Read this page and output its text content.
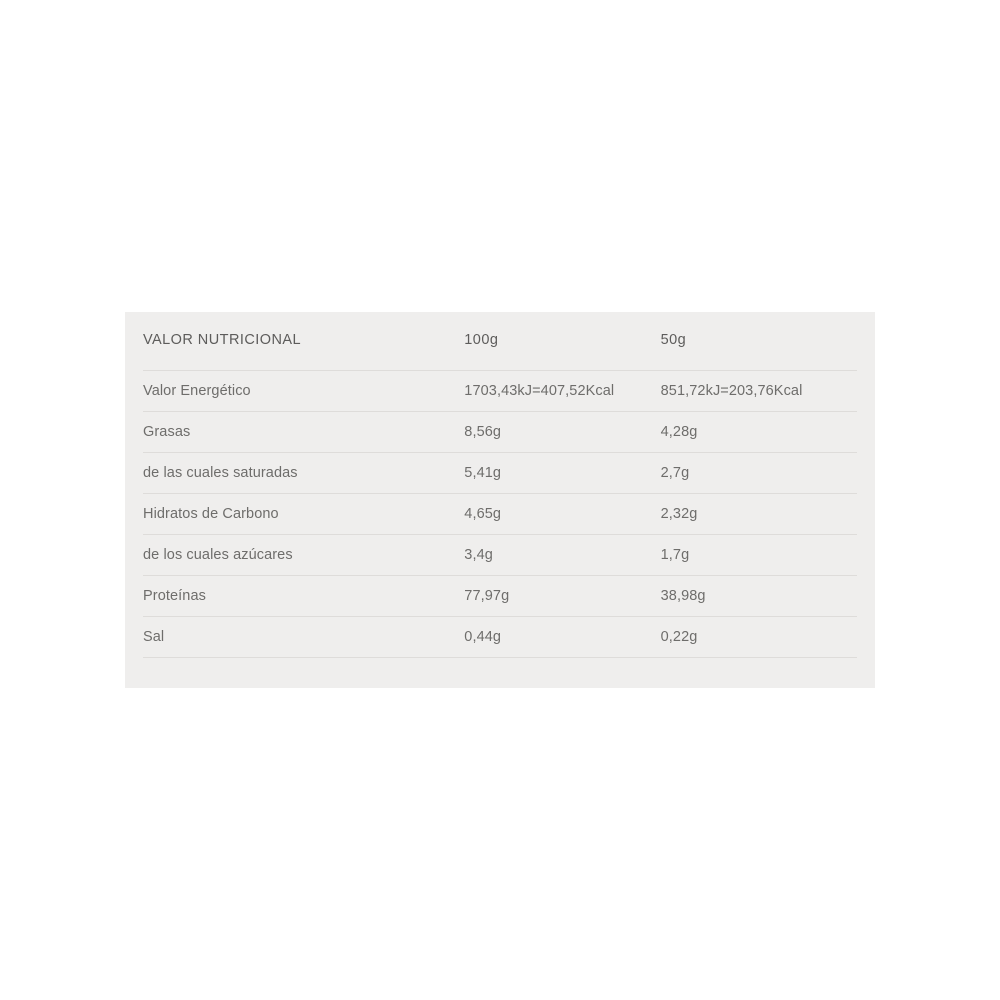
VALOR NUTRICIONAL	100g	50g

Valor Energético	1703,43kJ=407,52Kcal	851,72kJ=203,76Kcal

Grasas	8,56g	4,28g

de las cuales saturadas	5,41g	2,7g

Hidratos de Carbono	4,65g	2,32g

de los cuales azúcares	3,4g	1,7g

Proteínas	77,97g	38,98g

Sal	0,44g	0,22g
